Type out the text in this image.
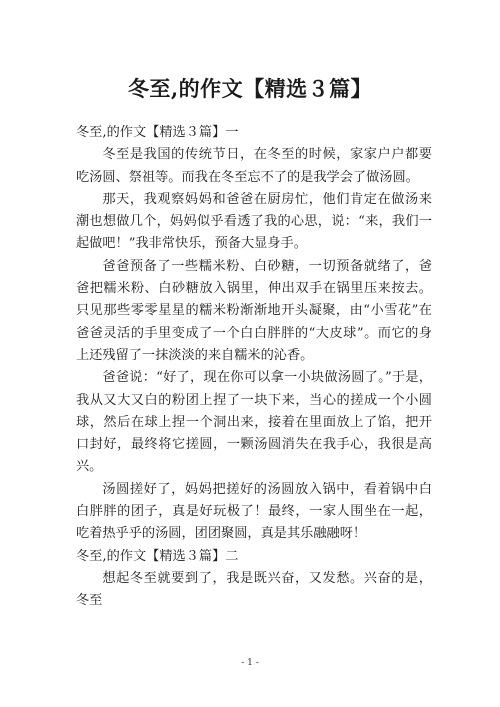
冬至,的作文【精选３篇】

冬至,的作文【精选３篇】一

冬至是我国的传统节日，在冬至的时候，家家户户都要吃汤圆、祭祖等。而我在冬至忘不了的是我学会了做汤圆。

那天，我观察妈妈和爸爸在厨房忙，他们肯定在做汤来潮也想做几个，妈妈似乎看透了我的心思，说：“来，我们一起做吧！”我非常快乐，预备大显身手。

爸爸预备了一些糯米粉、白砂糖，一切预备就绪了，爸爸把糯米粉、白砂糖放入锅里，伸出双手在锅里压来按去。只见那些零零星星的糯米粉渐渐地开头凝聚，由“小雪花”在爸爸灵活的手里变成了一个白白胖胖的“大皮球”。而它的身上还残留了一抹淡淡的来自糯米的沁香。

爸爸说：“好了，现在你可以拿一小块做汤圆了。”于是，我从又大又白的粉团上捏了一块下来，当心的搓成一个小圆球，然后在球上捏一个洞出来，接着在里面放上了馅，把开口封好，最终将它搓圆，一颗汤圆消失在我手心，我很是高兴。

汤圆搓好了，妈妈把搓好的汤圆放入锅中，看着锅中白白胖胖的团子，真是好玩极了！最终，一家人围坐在一起，吃着热乎乎的汤圆，团团聚圆，真是其乐融融呀！

冬至,的作文【精选３篇】二

想起冬至就要到了，我是既兴奋，又发愁。兴奋的是，冬至

- 1 -
